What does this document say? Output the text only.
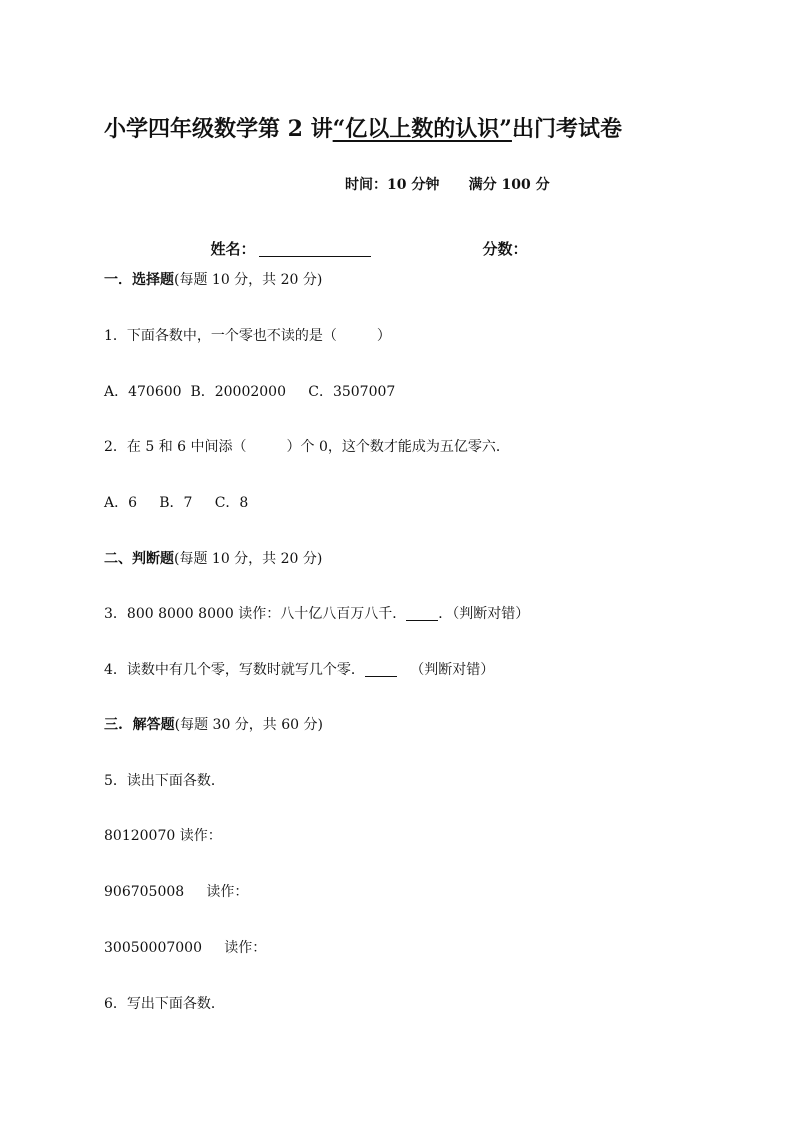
小学四年级数学第 2 讲“亿以上数的认识”出门考试卷
时间：10 分钟 满分 100 分

姓名：	分数：

一．选择题(每题 10 分，共 20 分)
1．下面各数中，一个零也不读的是（	）
A．470600  B．20002000     C．3507007
2．在 5 和 6 中间添（	）个 0，这个数才能成为五亿零六．
A．6     B．7     C．8
二、判断题(每题 10 分，共 20 分)
3．800 8000 8000 读作：八十亿八百万八千． ．（判断对错）
4．读数中有几个零，写数时就写几个零．   （判断对错）
三.  解答题(每题 30 分，共 60 分)
5．读出下面各数．
80120070 读作：
906705008     读作：
30050007000     读作：
6．写出下面各数．
